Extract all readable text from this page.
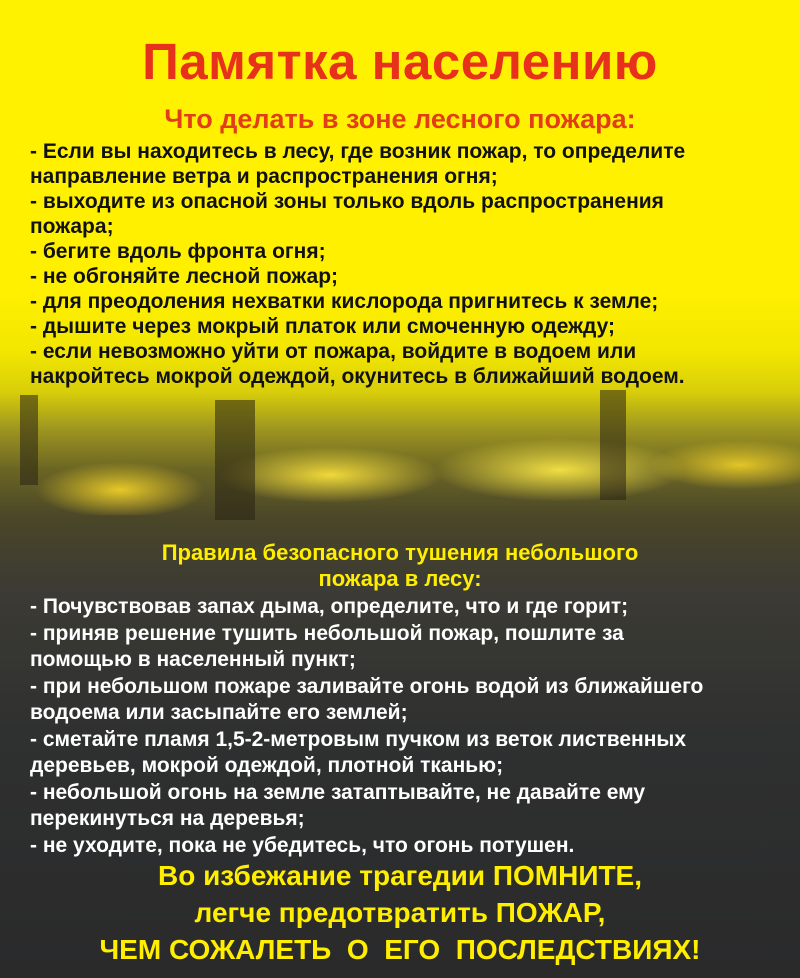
Памятка населению
Что делать в зоне лесного пожара:
- Если вы находитесь в лесу, где возник пожар, то определите
направление ветра и распространения огня;
- выходите из опасной зоны только вдоль распространения
пожара;
- бегите вдоль фронта огня;
- не обгоняйте лесной пожар;
- для преодоления нехватки кислорода пригнитесь к земле;
- дышите через мокрый платок или смоченную одежду;
- если невозможно уйти от пожара, войдите в водоем или
накройтесь мокрой одеждой, окунитесь в ближайший водоем.
Правила безопасного тушения небольшого
пожара в лесу:
- Почувствовав запах дыма, определите, что и где горит;
- приняв решение тушить небольшой пожар, пошлите за
помощью в населенный пункт;
- при небольшом пожаре заливайте огонь водой из ближайшего
водоема или засыпайте его землей;
- сметайте пламя 1,5-2-метровым пучком из веток лиственных
деревьев, мокрой одеждой, плотной тканью;
- небольшой огонь на земле затаптывайте, не давайте ему
перекинуться на деревья;
- не уходите, пока не убедитесь, что огонь потушен.
Во избежание трагедии ПОМНИТЕ,
легче предотвратить ПОЖАР,
ЧЕМ СОЖАЛЕТЬ  О  ЕГО  ПОСЛЕДСТВИЯХ!
